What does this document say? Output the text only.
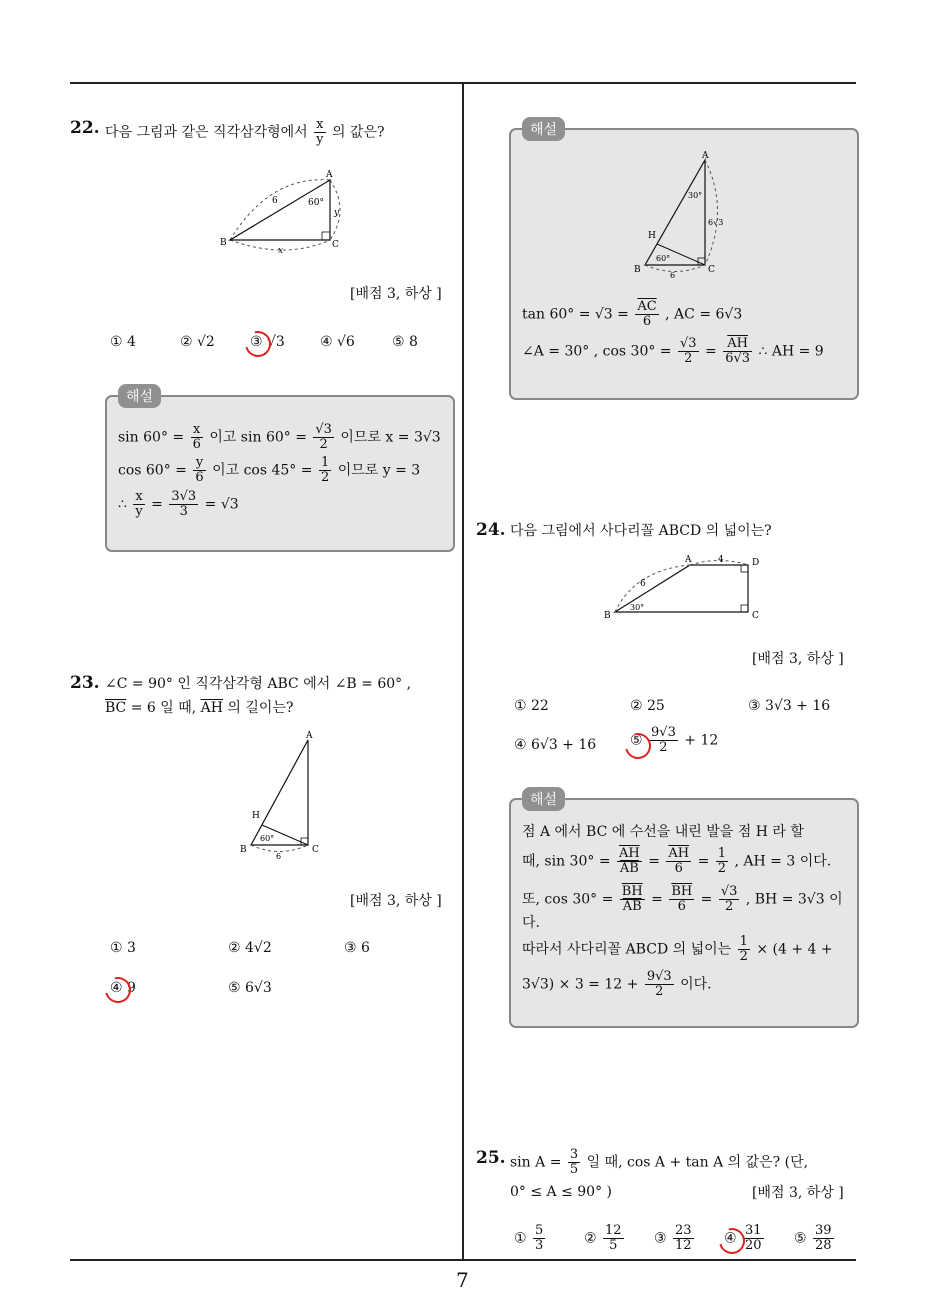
7
22. 다음 그림과 같은 직각삼각형에서 $\frac{x}{y}$ 의 값은?
A
B	C
6	60°
y
x
[배점 3, 하상 ]
① 4	② √2	③ √3	④ √6	⑤ 8
해설
$\sin 60^\circ = \frac{x}{6}$ 이고 $\sin 60^\circ = \frac{√3}{2}$ 이므로 x = 3√3
$\cos 60^\circ = \frac{y}{6}$ 이고 $\cos 45^\circ = \frac{1}{2}$ 이므로 y = 3
∴ $\frac{x}{y} = \frac{3√3}{3} = √3$
23. ∠C = 90° 인 직각삼각형 ABC 에서 ∠B = 60° ,
$\overline{BC} = 6$ 일 때, $\overline{AH}$ 의 길이는?
A
B	C
H
60°
6
[배점 3, 하상 ]
① 3	② 4√2	③ 6
④ 9	⑤ 6√3
해설
A
B	C
H
30°
60°
6√3
6
$\tan 60^\circ = √3 = \frac{\overline{AC}}{6}$ , AC = 6√3
∠A = 30° , $\cos 30^\circ = \frac{√3}{2} = \frac{\overline{AH}}{6√3}$ ∴ AH = 9
24. 다음 그림에서 사다리꼴 ABCD 의 넓이는?
A
B	C
D
4
6
30°
[배점 3, 하상 ]
① 22	② 25	③ 3√3 + 16
④ 6√3 + 16 ⑤ $\frac{9√3}{2} + 12$
해설
점 A 에서 BC 에 수선을 내린 발을 점 H 라 할
때, $\sin 30^\circ = \frac{\overline{AH}}{AB} = \frac{\overline{AH}}{6} = \frac{1}{2}$ , AH = 3 이다.
또, $\cos 30^\circ = \frac{\overline{BH}}{AB} = \frac{\overline{BH}}{6} = \frac{√3}{2}$ , BH = 3√3 이
다.
따라서 사다리꼴 ABCD 의 넓이는 $\frac{1}{2} \times (4 + 4$ +
$3√3) \times 3 = 12 + \frac{9√3}{2}$ 이다.
25. $\sin A = \frac{3}{5}$ 일 때, cos A + tan A 의 값은? (단,
0° ≤ A ≤ 90° )	[배점 3, 하상 ]
① $\frac{5}{3}$	② $\frac{12}{5}$ ③ $\frac{23}{12}$ ④ $\frac{31}{20}$ ⑤ $\frac{39}{28}$
